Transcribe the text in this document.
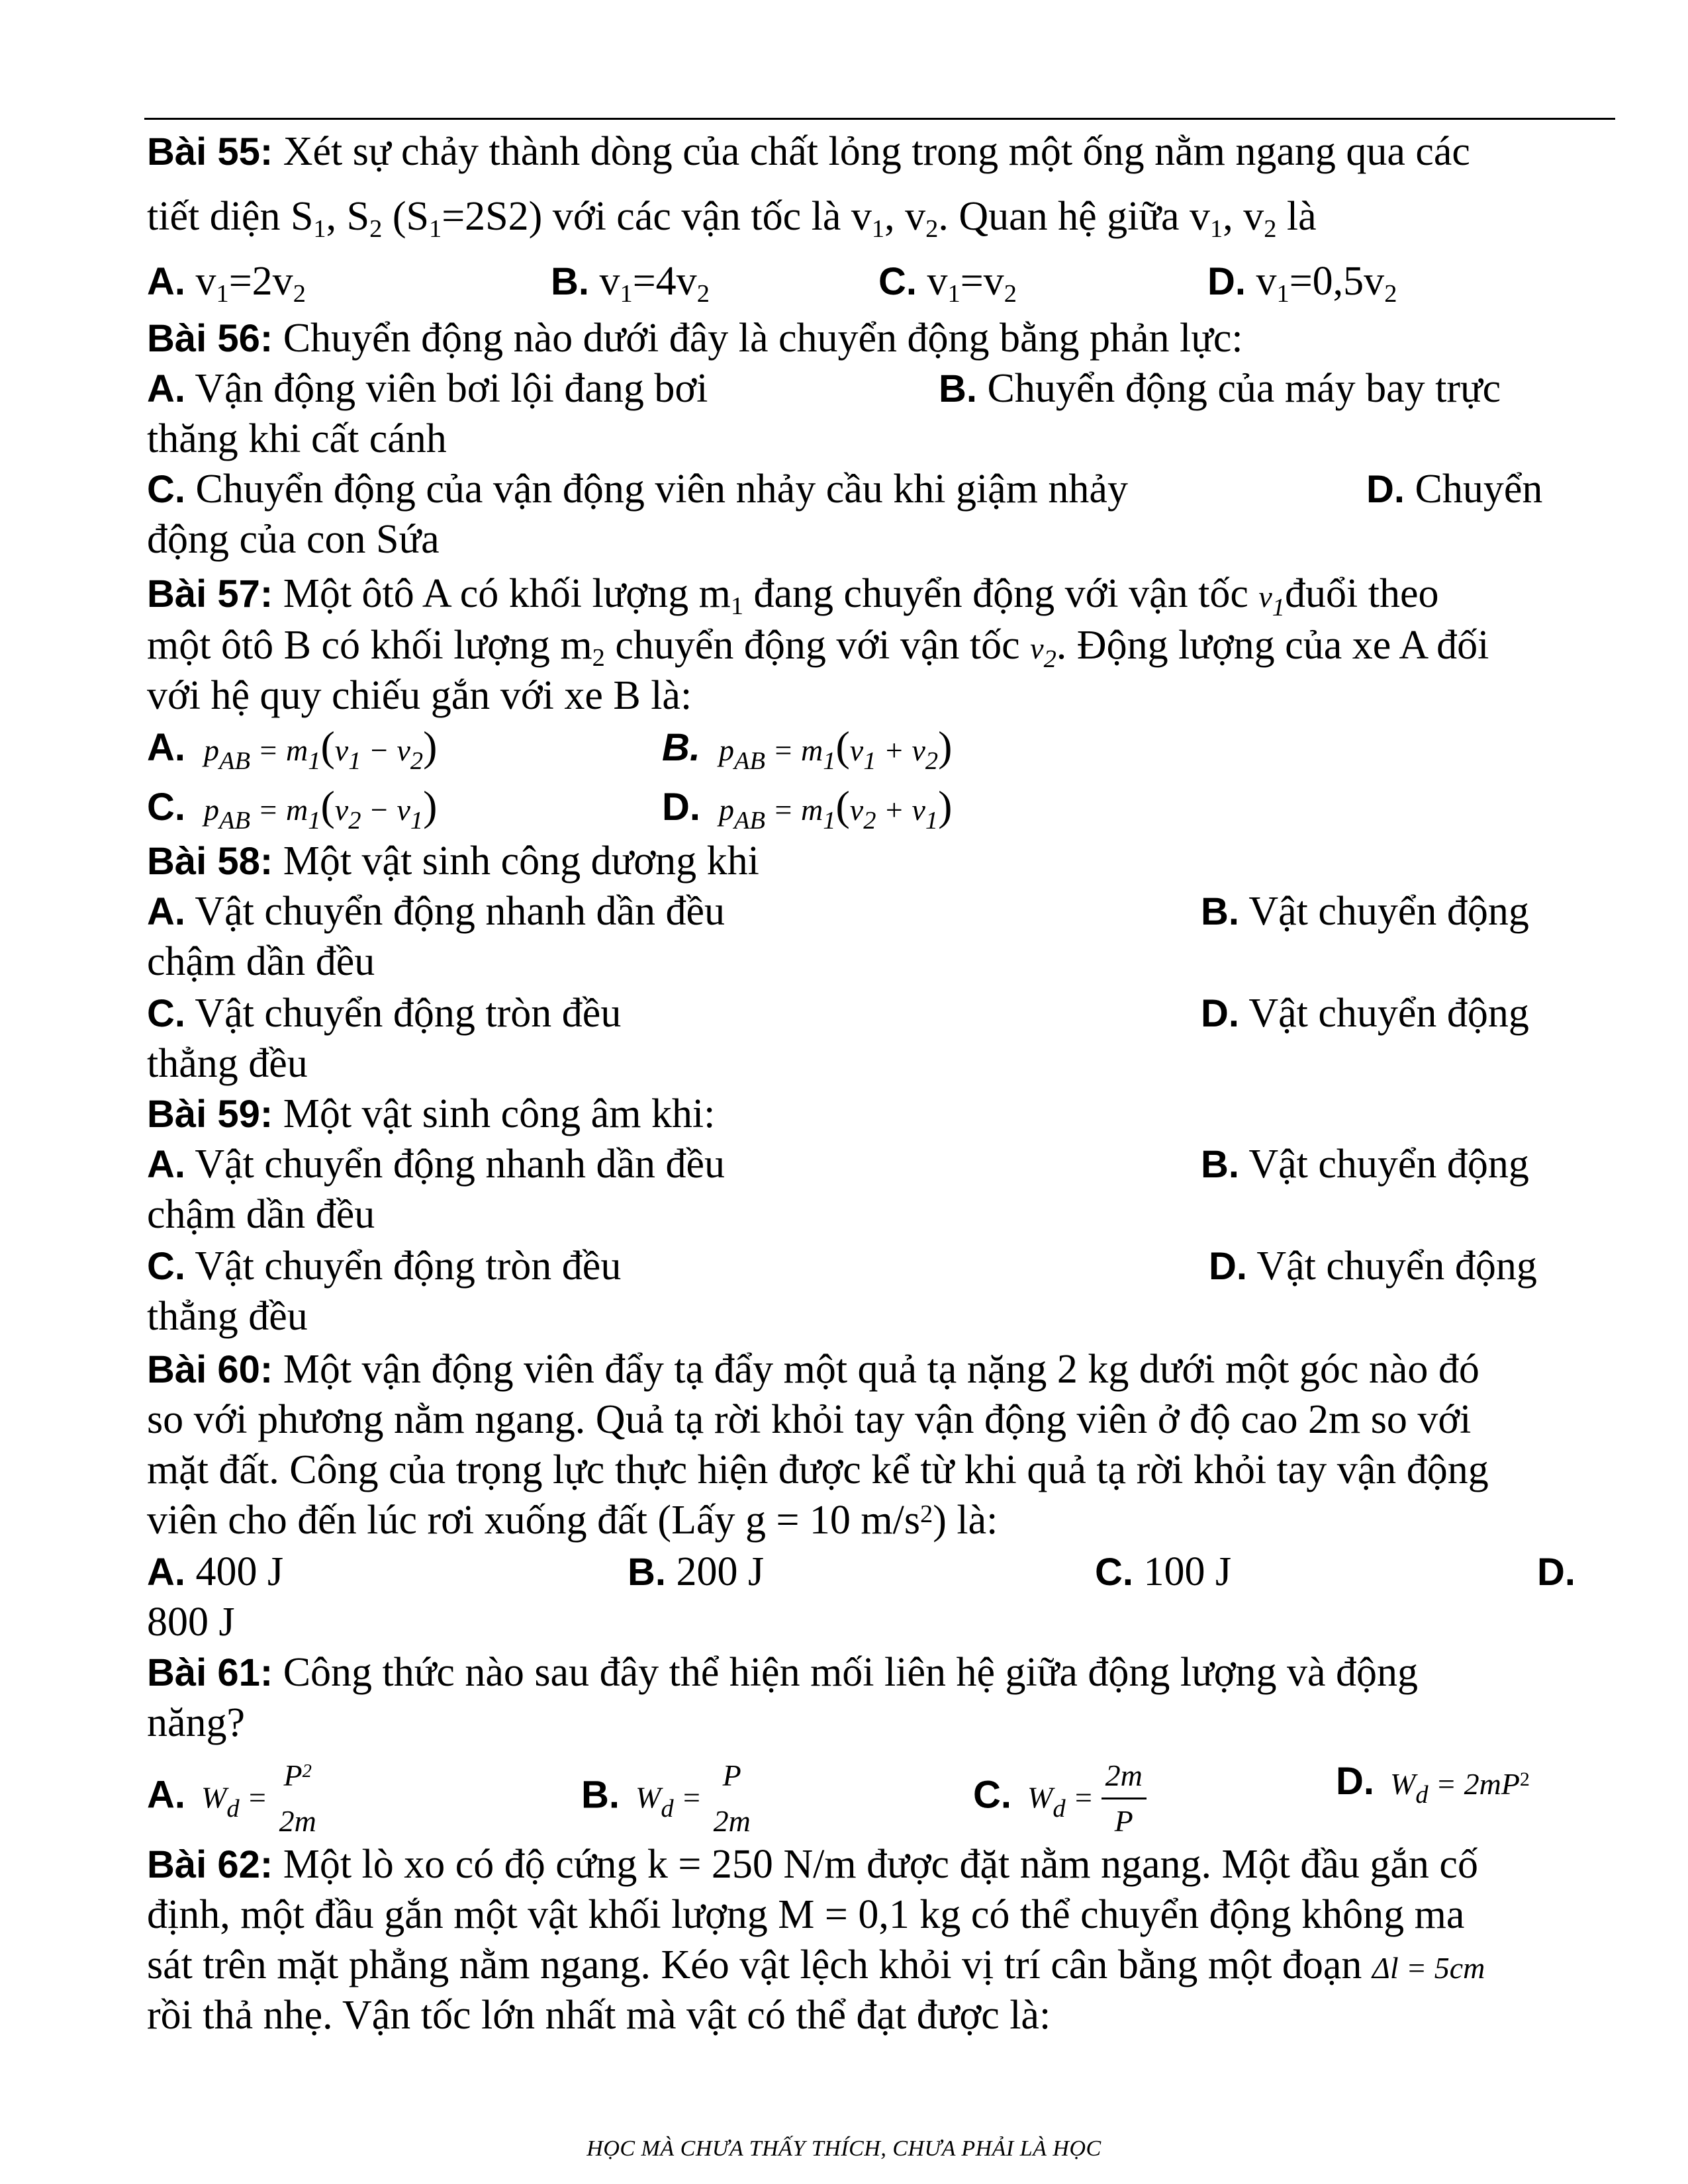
Bài 55: Xét sự chảy thành dòng của chất lỏng trong một ống nằm ngang qua các
tiết diện S1, S2 (S1=2S2) với các vận tốc là v1, v2. Quan hệ giữa v1, v2 là
A. v1=2v2	B. v1=4v2	C. v1=v2	D. v1=0,5v2
Bài 56: Chuyển động nào dưới đây là chuyển động bằng phản lực:
A. Vận động viên bơi lội đang bơi	B. Chuyển động của máy bay trực
thăng khi cất cánh
C. Chuyển động của vận động viên nhảy cầu khi giậm nhảy	D. Chuyển
động của con Sứa
Bài 57: Một ôtô A có khối lượng m1 đang chuyển động với vận tốc $v_1đuổi$ theo
một ôtô B có khối lượng m2 chuyển động với vận tốc $v_2$. Động lượng của xe A đối
với hệ quy chiếu gắn với xe B là:
A. $p_{AB} = m_1(v_1 - v_2)$	B. $p_{AB} = m_1(v_1 + v_2)$
C. $p_{AB} = m_1(v_2 - v_1)$	D. $p_{AB} = m_1(v_2 + v_1)$
Bài 58: Một vật sinh công dương khi
A. Vật chuyển động nhanh dần đều	B. Vật chuyển động
chậm dần đều
C. Vật chuyển động tròn đều	D. Vật chuyển động
thẳng đều
Bài 59: Một vật sinh công âm khi:
A. Vật chuyển động nhanh dần đều	B. Vật chuyển động
chậm dần đều
C. Vật chuyển động tròn đều	D. Vật chuyển động
thẳng đều
Bài 60: Một vận động viên đẩy tạ đẩy một quả tạ nặng 2 kg dưới một góc nào đó
so với phương nằm ngang. Quả tạ rời khỏi tay vận động viên ở độ cao 2m so với
mặt đất. Công của trọng lực thực hiện được kể từ khi quả tạ rời khỏi tay vận động
viên cho đến lúc rơi xuống đất (Lấy g = 10 $m/s^2$) là:
A. 400 J	B. 200 J	C. 100 J	D.
800 J
Bài 61: Công thức nào sau đây thể hiện mối liên hệ giữa động lượng và động
năng?
A. $W_d$ =
$P^2$
2m
B. $W_d$ =
P
2m
C. $W_d = \frac{2m}{P}$	D. $W_d = 2mP^2$
Bài 62: Một lò xo có độ cứng k = 250 N/m được đặt nằm ngang. Một đầu gắn cố
định, một đầu gắn một vật khối lượng M = 0,1 kg có thể chuyển động không ma
sát trên mặt phẳng nằm ngang. Kéo vật lệch khỏi vị trí cân bằng một đoạn Δl = 5cm
rồi thả nhẹ. Vận tốc lớn nhất mà vật có thể đạt được là:
HỌC MÀ CHƯA THẤY THÍCH, CHƯA PHẢI LÀ HỌC
